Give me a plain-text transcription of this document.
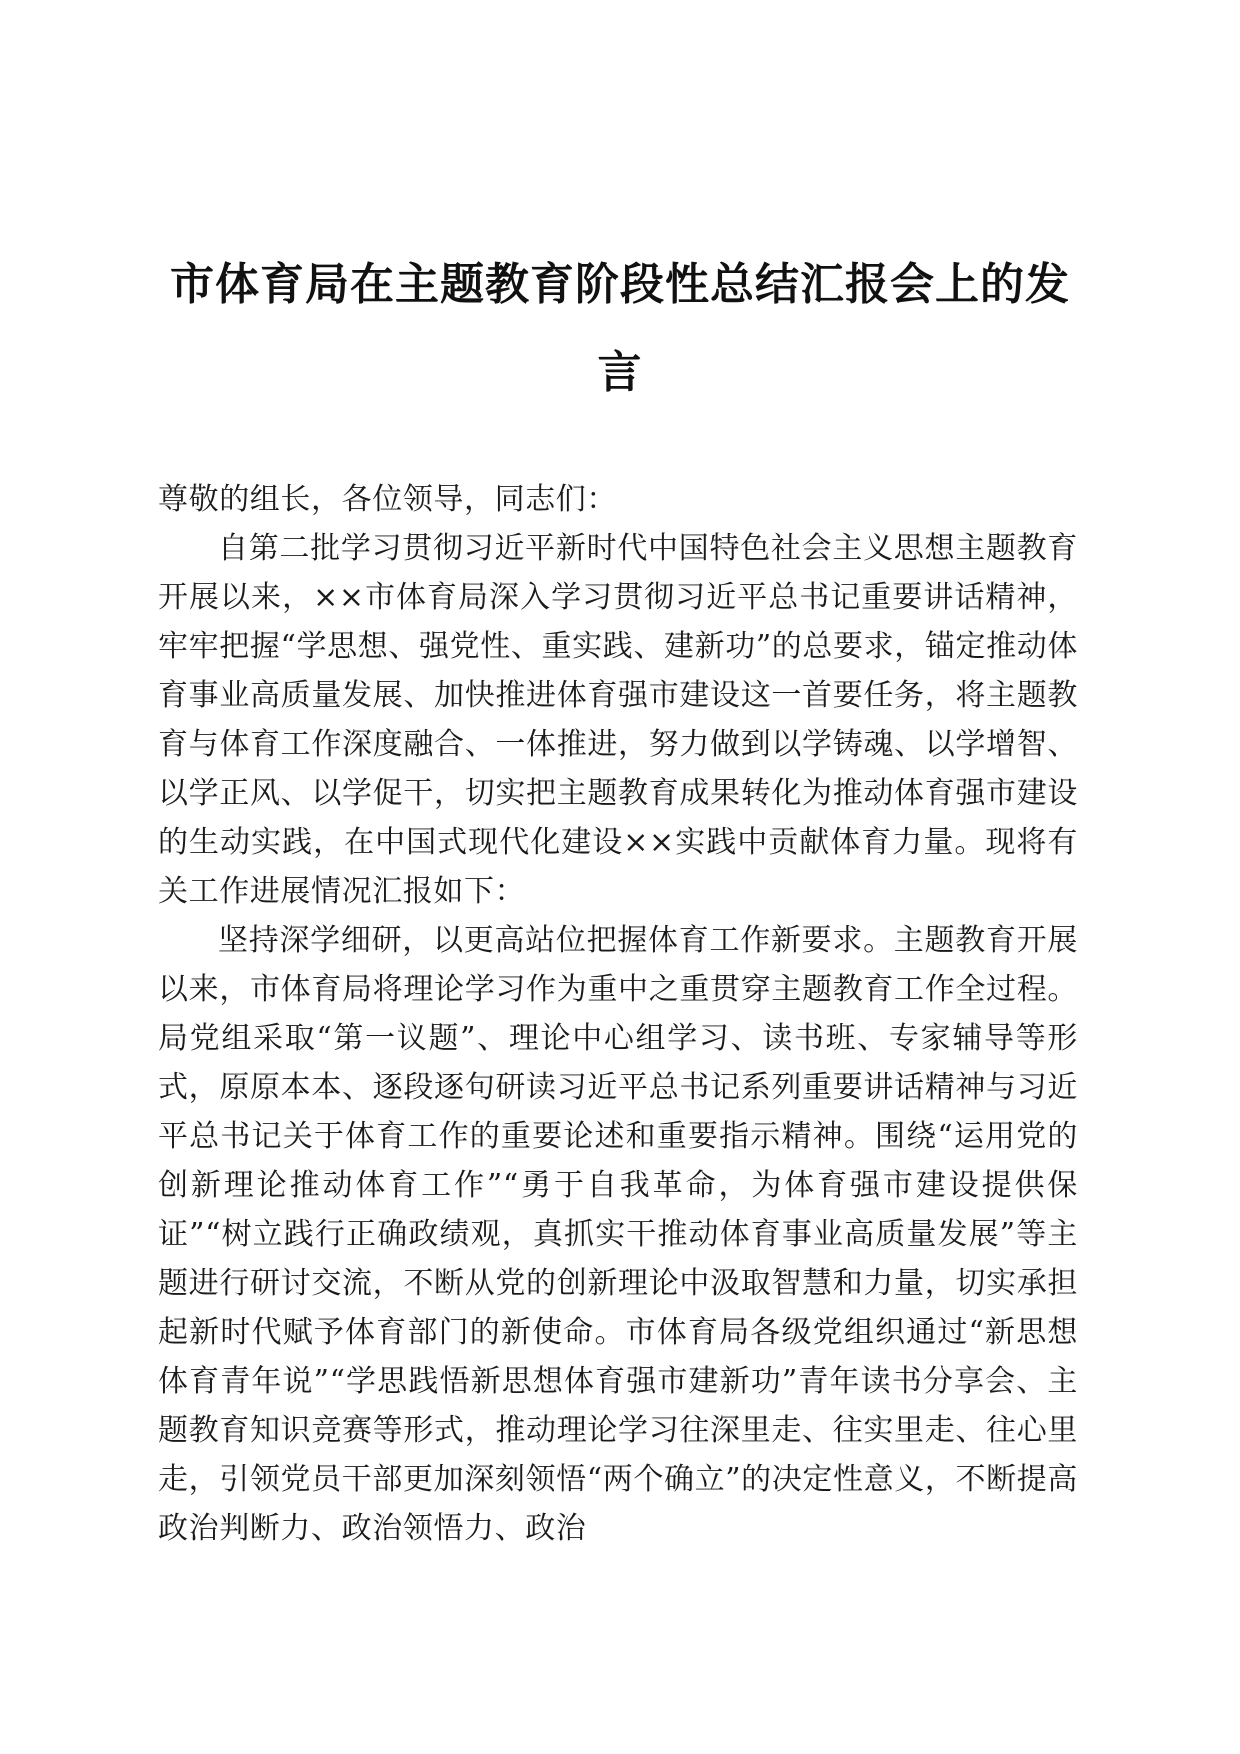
市体育局在主题教育阶段性总结汇报会上的发
言

尊敬的组长，各位领导，同志们：

自第二批学习贯彻习近平新时代中国特色社会主义思想主题教育开展以来，××市体育局深入学习贯彻习近平总书记重要讲话精神，牢牢把握“学思想、强党性、重实践、建新功”的总要求，锚定推动体育事业高质量发展、加快推进体育强市建设这一首要任务，将主题教育与体育工作深度融合、一体推进，努力做到以学铸魂、以学增智、以学正风、以学促干，切实把主题教育成果转化为推动体育强市建设的生动实践，在中国式现代化建设××实践中贡献体育力量。现将有关工作进展情况汇报如下：

坚持深学细研，以更高站位把握体育工作新要求。主题教育开展以来，市体育局将理论学习作为重中之重贯穿主题教育工作全过程。局党组采取“第一议题”、理论中心组学习、读书班、专家辅导等形式，原原本本、逐段逐句研读习近平总书记系列重要讲话精神与习近平总书记关于体育工作的重要论述和重要指示精神。围绕“运用党的创新理论推动体育工作”“勇于自我革命，为体育强市建设提供保证”“树立践行正确政绩观，真抓实干推动体育事业高质量发展”等主题进行研讨交流，不断从党的创新理论中汲取智慧和力量，切实承担起新时代赋予体育部门的新使命。市体育局各级党组织通过“新思想体育青年说”“学思践悟新思想体育强市建新功”青年读书分享会、主题教育知识竞赛等形式，推动理论学习往深里走、往实里走、往心里走，引领党员干部更加深刻领悟“两个确立”的决定性意义，不断提高政治判断力、政治领悟力、政治
